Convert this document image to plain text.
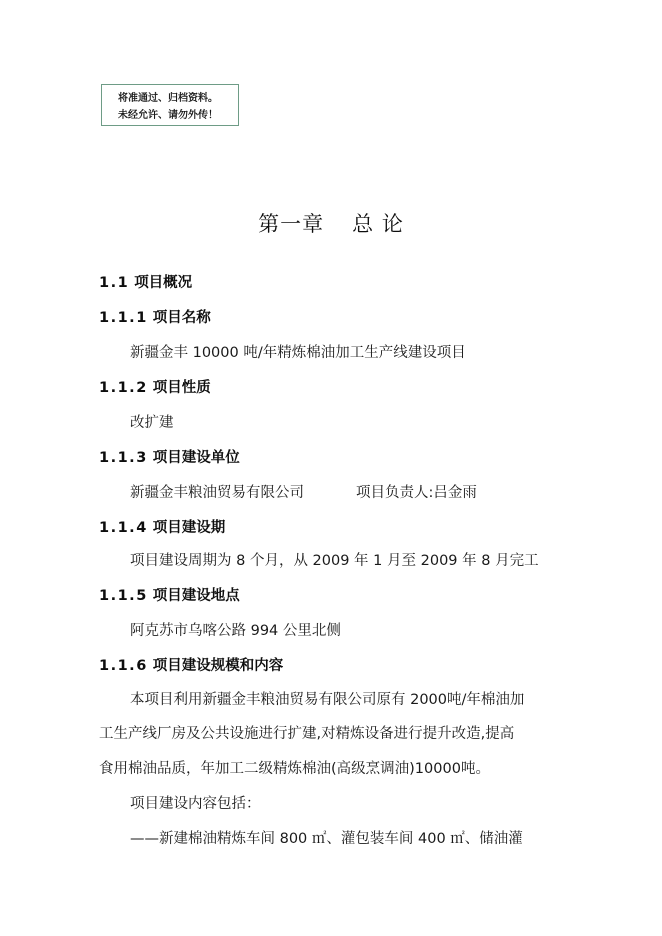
将准通过、归档资料。
未经允许、请勿外传！
第一章 总 论
1.1 项目概况
1.1.1 项目名称
新疆金丰 10000 吨/年精炼棉油加工生产线建设项目
1.1.2 项目性质
改扩建
1.1.3 项目建设单位
新疆金丰粮油贸易有限公司	项目负责人:吕金雨
1.1.4 项目建设期
项目建设周期为 8 个月，从 2009 年 1 月至 2009 年 8 月完工
1.1.5 项目建设地点
阿克苏市乌喀公路 994 公里北侧
1.1.6 项目建设规模和内容
本项目利用新疆金丰粮油贸易有限公司原有 2000吨/年棉油加
工生产线厂房及公共设施进行扩建,对精炼设备进行提升改造,提高
食用棉油品质，年加工二级精炼棉油(高级烹调油)10000吨。
项目建设内容包括：
——新建棉油精炼车间 800 ㎡、灌包装车间 400 ㎡、储油灌
